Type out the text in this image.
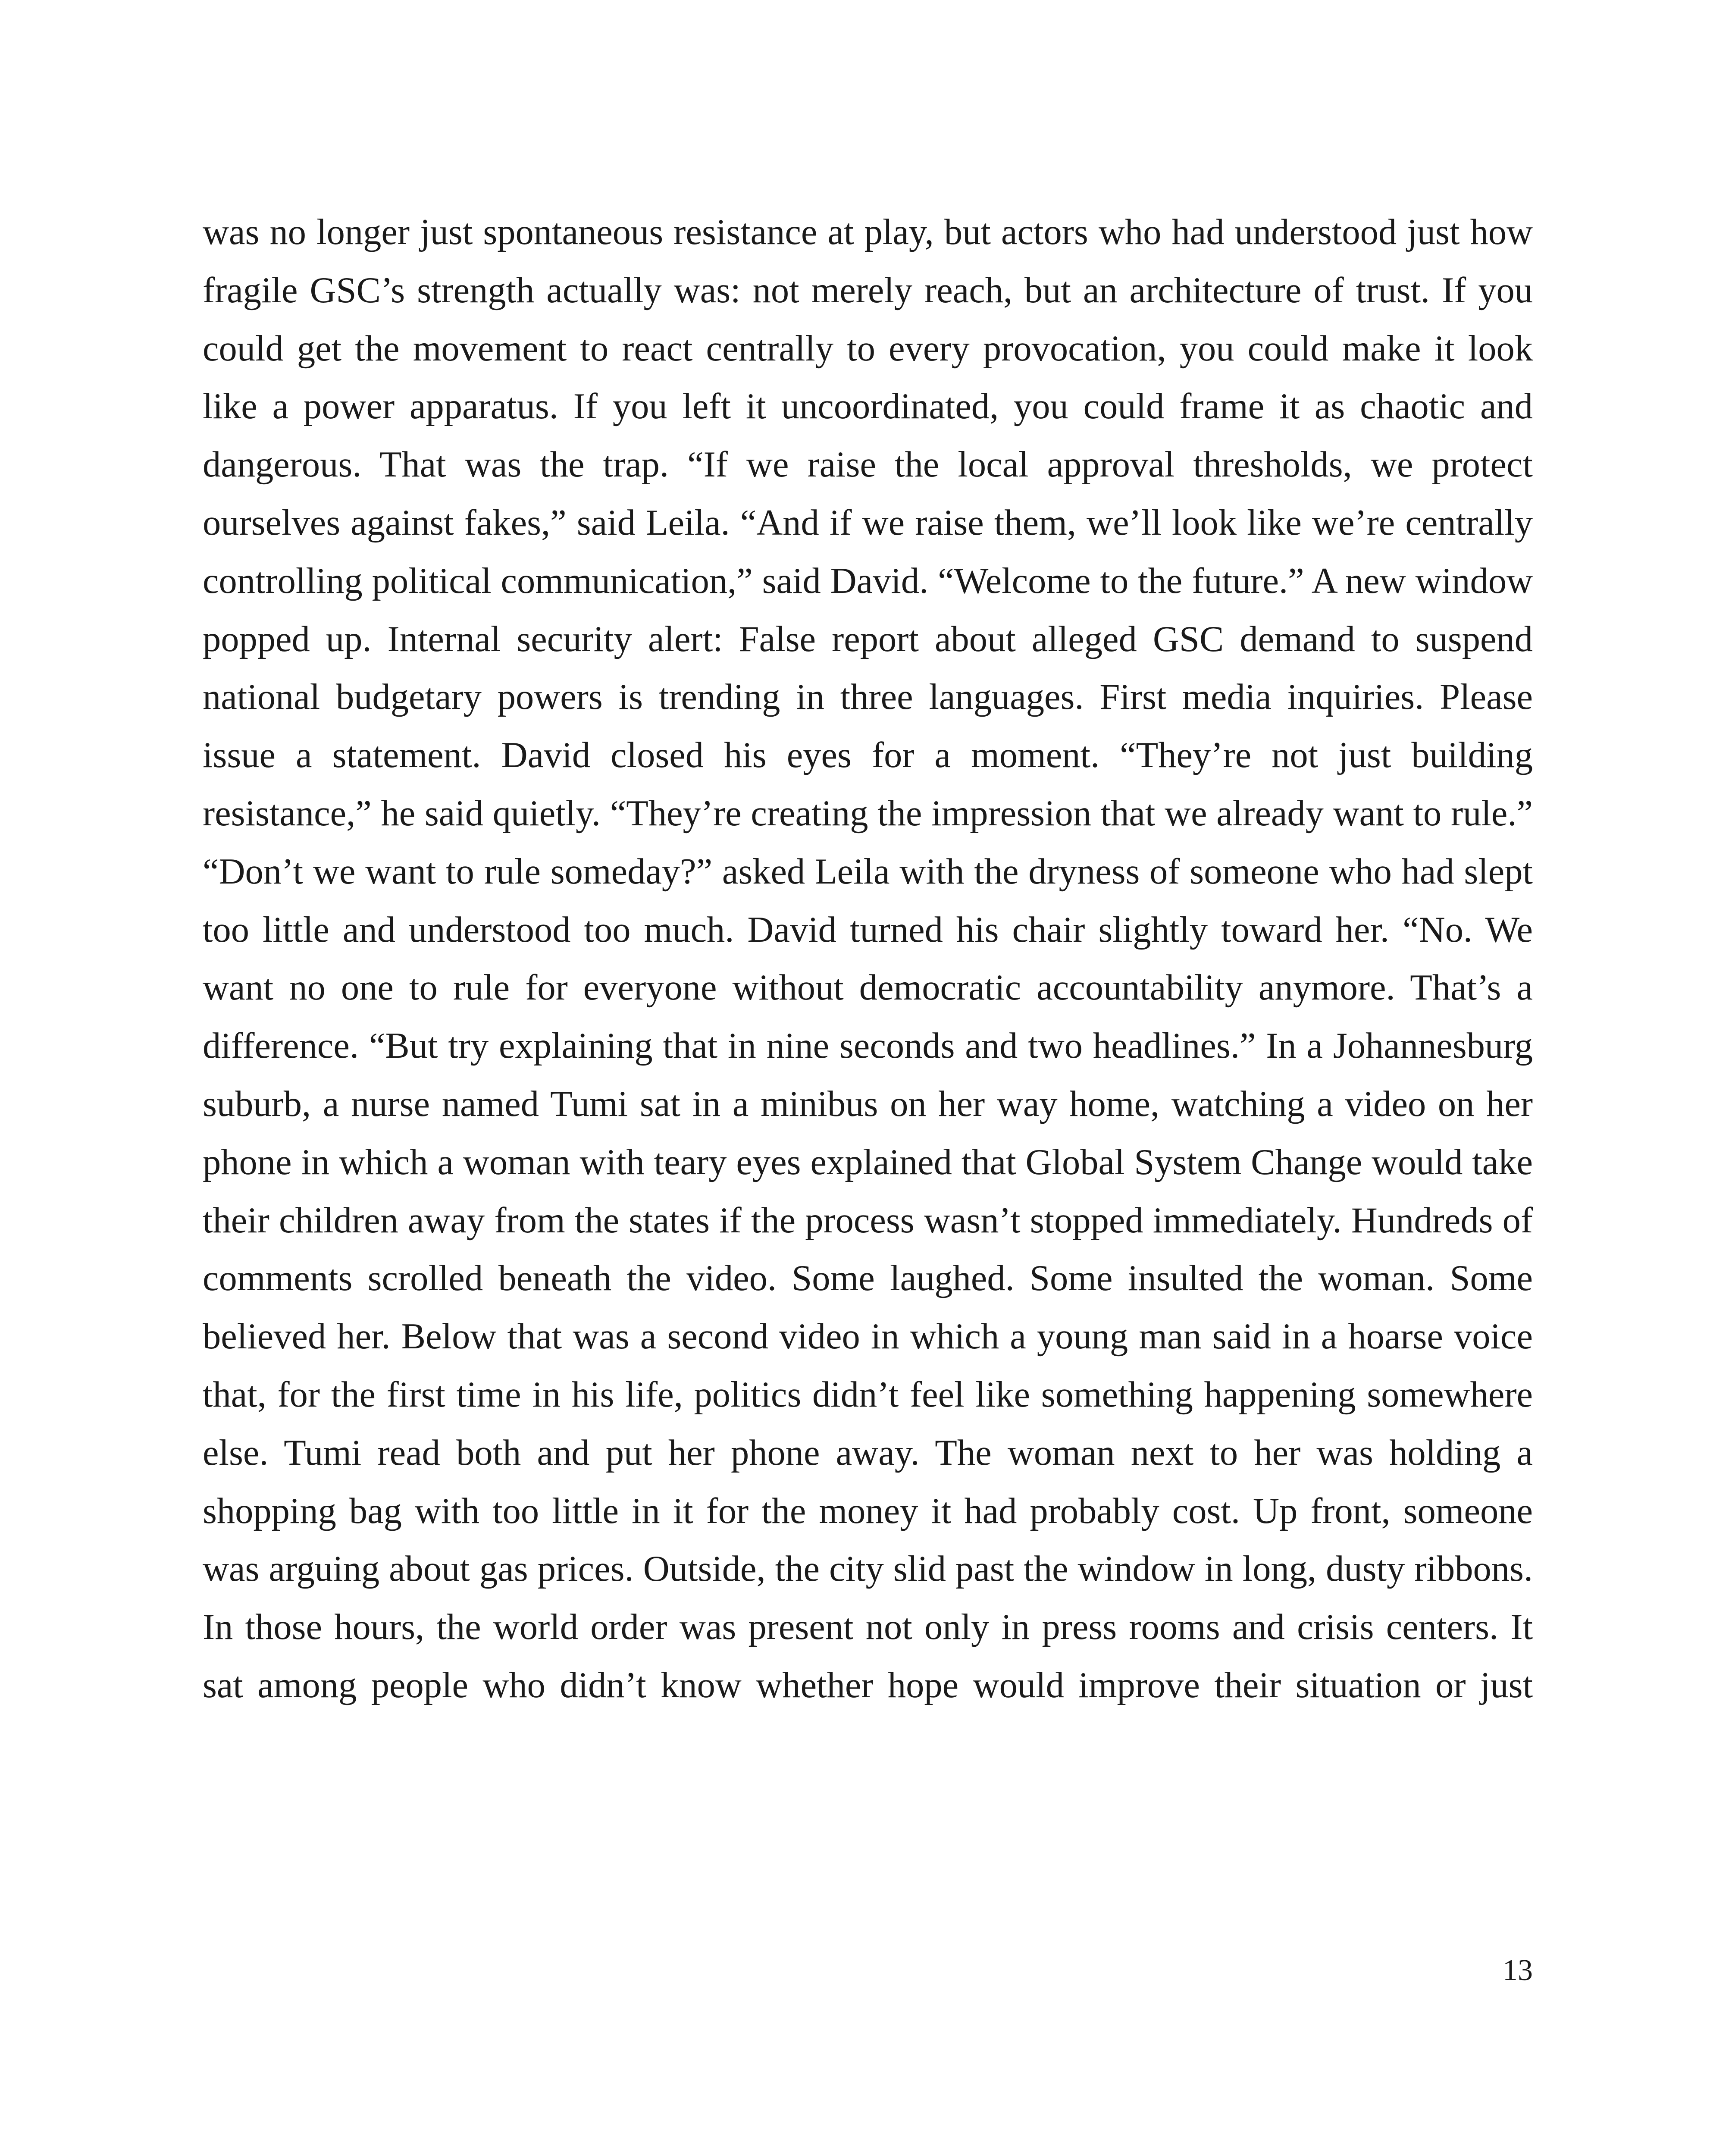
was no longer just spontaneous resistance at play, but actors who had understood just how fragile GSC’s strength actually was: not merely reach, but an architecture of trust. If you could get the movement to react centrally to every provocation, you could make it look like a power apparatus. If you left it uncoordinated, you could frame it as chaotic and dangerous. That was the trap. “If we raise the local approval thresholds, we protect ourselves against fakes,” said Leila. “And if we raise them, we’ll look like we’re centrally controlling political communication,” said David. “Welcome to the future.” A new window popped up. Internal security alert: False report about alleged GSC demand to suspend national budgetary powers is trending in three languages. First media inquiries. Please issue a statement. David closed his eyes for a moment. “They’re not just building resistance,” he said quietly. “They’re creating the impression that we already want to rule.” “Don’t we want to rule someday?” asked Leila with the dryness of someone who had slept too little and understood too much. David turned his chair slightly toward her. “No. We want no one to rule for everyone without democratic accountability anymore. That’s a difference. “But try explaining that in nine seconds and two headlines.” In a Johannesburg suburb, a nurse named Tumi sat in a minibus on her way home, watching a video on her phone in which a woman with teary eyes explained that Global System Change would take their children away from the states if the process wasn’t stopped immediately. Hundreds of comments scrolled beneath the video. Some laughed. Some insulted the woman. Some believed her. Below that was a second video in which a young man said in a hoarse voice that, for the first time in his life, politics didn’t feel like something happening somewhere else. Tumi read both and put her phone away. The woman next to her was holding a shopping bag with too little in it for the money it had probably cost. Up front, someone was arguing about gas prices. Outside, the city slid past the window in long, dusty ribbons. In those hours, the world order was present not only in press rooms and crisis centers. It sat among people who didn’t know whether hope would improve their situation or just

13
